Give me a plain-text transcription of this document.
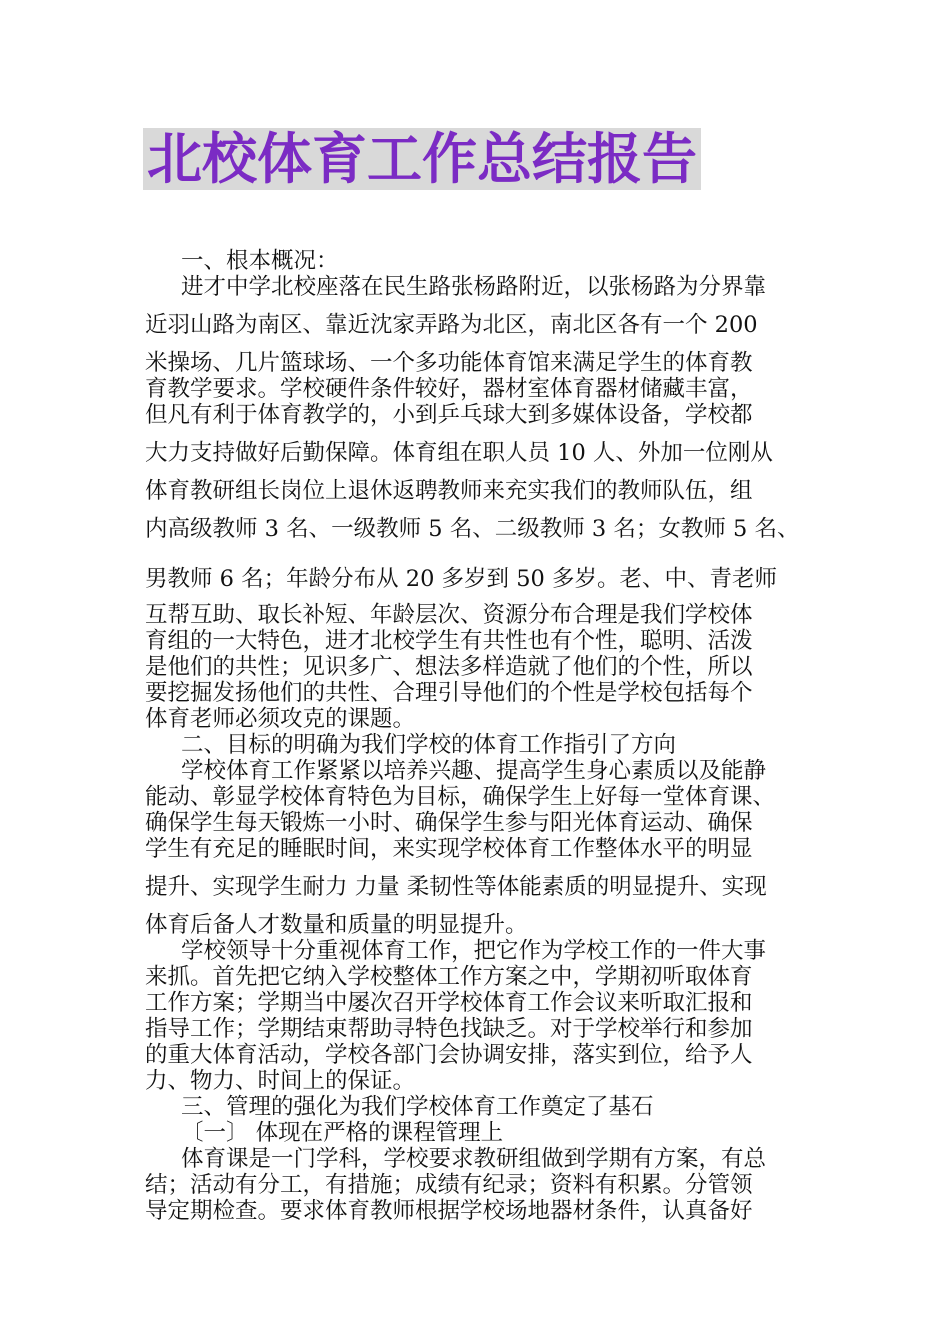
北校体育工作总结报告
一、根本概况：
进才中学北校座落在民生路张杨路附近，以张杨路为分界靠
近羽山路为南区、靠近沈家弄路为北区，南北区各有一个 200
米操场、几片篮球场、一个多功能体育馆来满足学生的体育教
育教学要求。学校硬件条件较好，器材室体育器材储藏丰富，
但凡有利于体育教学的，小到乒乓球大到多媒体设备，学校都
大力支持做好后勤保障。体育组在职人员 10 人、外加一位刚从
体育教研组长岗位上退休返聘教师来充实我们的教师队伍，组
内高级教师 3 名、一级教师 5 名、二级教师 3 名；女教师 5 名、
男教师 6 名；年龄分布从 20 多岁到 50 多岁。老、中、青老师
互帮互助、取长补短、年龄层次、资源分布合理是我们学校体
育组的一大特色，进才北校学生有共性也有个性，聪明、活泼
是他们的共性；见识多广、想法多样造就了他们的个性，所以
要挖掘发扬他们的共性、合理引导他们的个性是学校包括每个
体育老师必须攻克的课题。
二、目标的明确为我们学校的体育工作指引了方向
学校体育工作紧紧以培养兴趣、提高学生身心素质以及能静
能动、彰显学校体育特色为目标，确保学生上好每一堂体育课、
确保学生每天锻炼一小时、确保学生参与阳光体育运动、确保
学生有充足的睡眠时间，来实现学校体育工作整体水平的明显
提升、实现学生耐力 力量 柔韧性等体能素质的明显提升、实现
体育后备人才数量和质量的明显提升。
学校领导十分重视体育工作，把它作为学校工作的一件大事
来抓。首先把它纳入学校整体工作方案之中，学期初听取体育
工作方案；学期当中屡次召开学校体育工作会议来听取汇报和
指导工作；学期结束帮助寻特色找缺乏。对于学校举行和参加
的重大体育活动，学校各部门会协调安排，落实到位，给予人
力、物力、时间上的保证。
三、管理的强化为我们学校体育工作奠定了基石
〔一〕 体现在严格的课程管理上
体育课是一门学科，学校要求教研组做到学期有方案，有总
结；活动有分工，有措施；成绩有纪录；资料有积累。分管领
导定期检查。要求体育教师根据学校场地器材条件，认真备好
